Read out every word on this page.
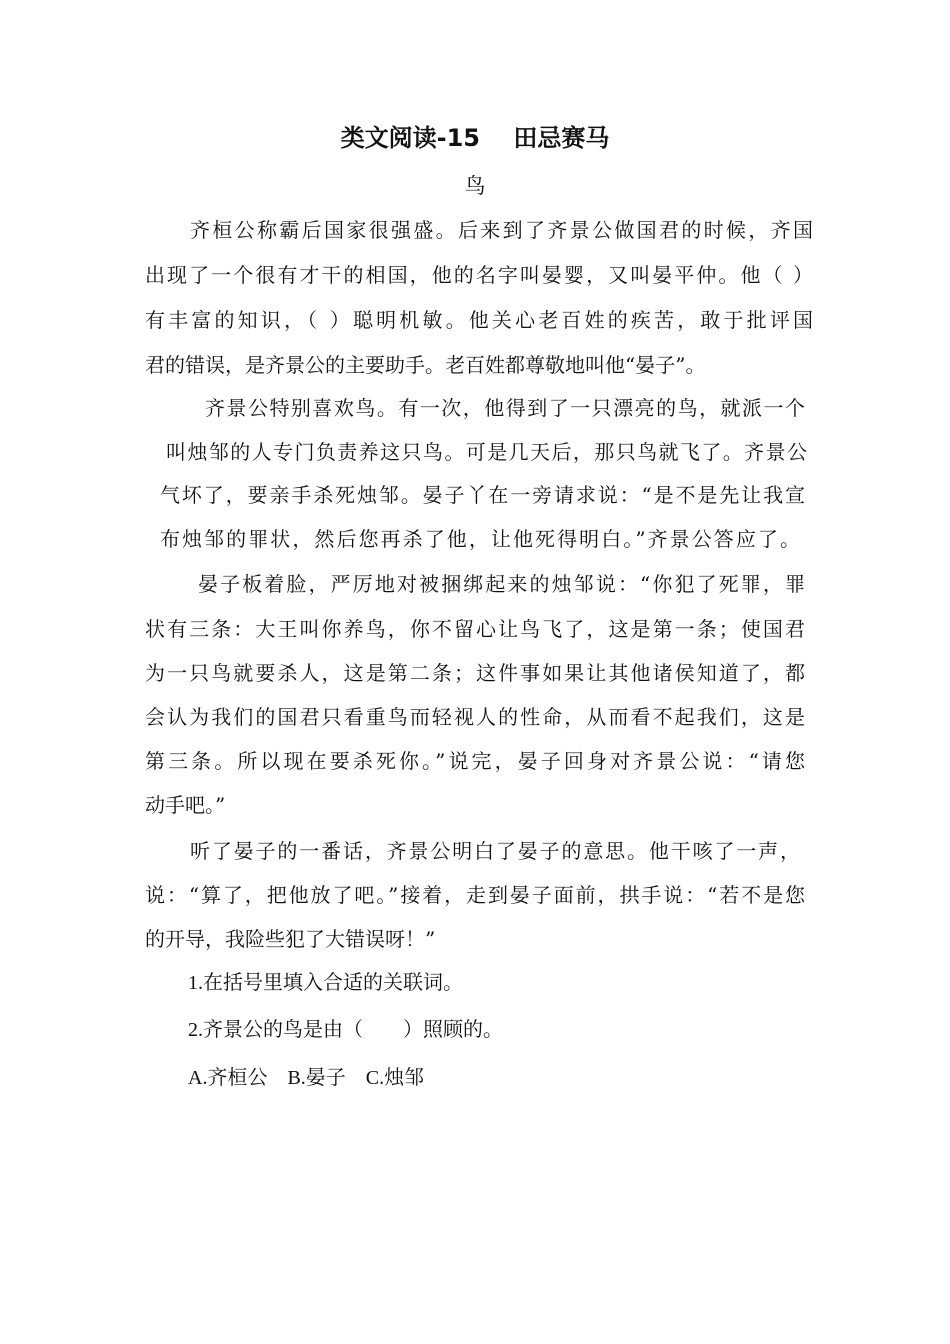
类文阅读-15    田忌赛马
鸟
齐桓公称霸后国家很强盛。后来到了齐景公做国君的时候，齐国
出现了一个很有才干的相国，他的名字叫晏婴，又叫晏平仲。他（ ）
有丰富的知识，（ ）聪明机敏。他关心老百姓的疾苦，敢于批评国
君的错误，是齐景公的主要助手。老百姓都尊敬地叫他“晏子”。
齐景公特别喜欢鸟。有一次，他得到了一只漂亮的鸟，就派一个
叫烛邹的人专门负责养这只鸟。可是几天后，那只鸟就飞了。齐景公
气坏了，要亲手杀死烛邹。晏子丫在一旁请求说：“是不是先让我宣
布烛邹的罪状，然后您再杀了他，让他死得明白。”齐景公答应了。
晏子板着脸，严厉地对被捆绑起来的烛邹说：“你犯了死罪，罪
状有三条：大王叫你养鸟，你不留心让鸟飞了，这是第一条；使国君
为一只鸟就要杀人，这是第二条；这件事如果让其他诸侯知道了，都
会认为我们的国君只看重鸟而轻视人的性命，从而看不起我们，这是
第三条。所以现在要杀死你。”说完，晏子回身对齐景公说：“请您
动手吧。”
听了晏子的一番话，齐景公明白了晏子的意思。他干咳了一声，
说：“算了，把他放了吧。”接着，走到晏子面前，拱手说：“若不是您
的开导，我险些犯了大错误呀！”
1.在括号里填入合适的关联词。
2.齐景公的鸟是由（        ）照顾的。
A.齐桓公    B.晏子    C.烛邹
